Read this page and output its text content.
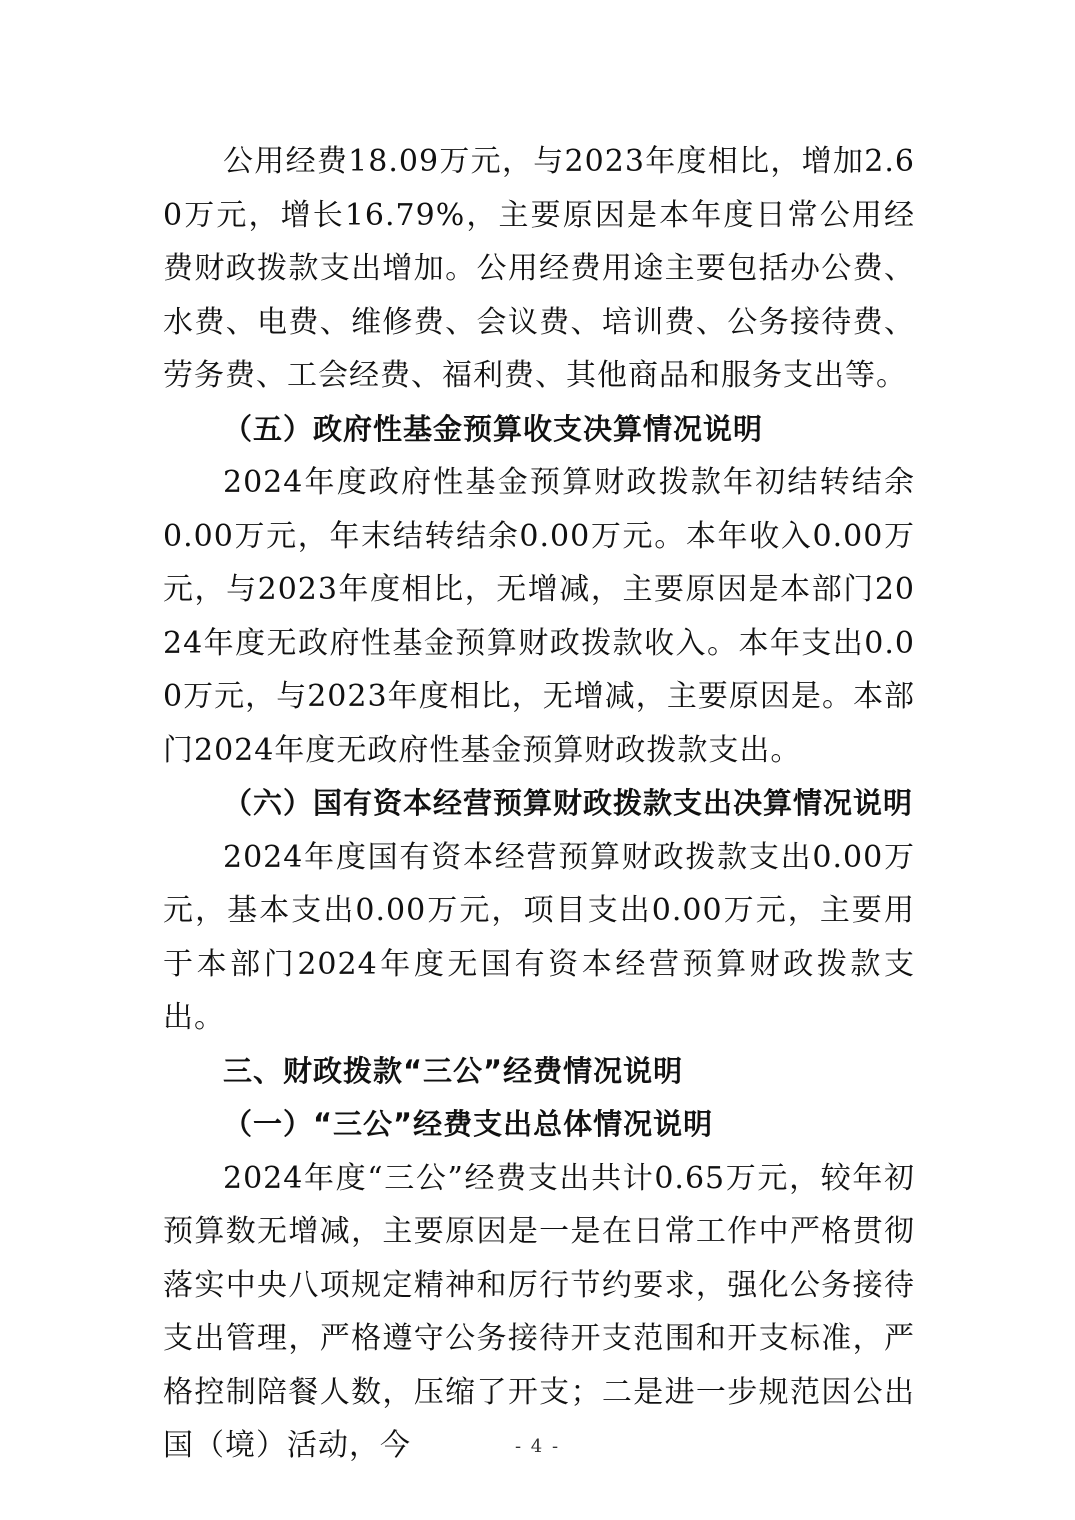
公用经费18.09万元，与2023年度相比，增加2.60万元，增长16.79%，主要原因是本年度日常公用经费财政拨款支出增加。公用经费用途主要包括办公费、水费、电费、维修费、会议费、培训费、公务接待费、劳务费、工会经费、福利费、其他商品和服务支出等。

（五）政府性基金预算收支决算情况说明

2024年度政府性基金预算财政拨款年初结转结余0.00万元，年末结转结余0.00万元。本年收入0.00万元，与2023年度相比，无增减，主要原因是本部门2024年度无政府性基金预算财政拨款收入。本年支出0.00万元，与2023年度相比，无增减，主要原因是。本部门2024年度无政府性基金预算财政拨款支出。

（六）国有资本经营预算财政拨款支出决算情况说明

2024年度国有资本经营预算财政拨款支出0.00万元，基本支出0.00万元，项目支出0.00万元，主要用于本部门2024年度无国有资本经营预算财政拨款支出。

三、财政拨款“三公”经费情况说明

（一）“三公”经费支出总体情况说明

2024年度“三公”经费支出共计0.65万元，较年初预算数无增减，主要原因是一是在日常工作中严格贯彻落实中央八项规定精神和厉行节约要求，强化公务接待支出管理，严格遵守公务接待开支范围和开支标准，严格控制陪餐人数，压缩了开支；二是进一步规范因公出国（境）活动，今	- 4 -
